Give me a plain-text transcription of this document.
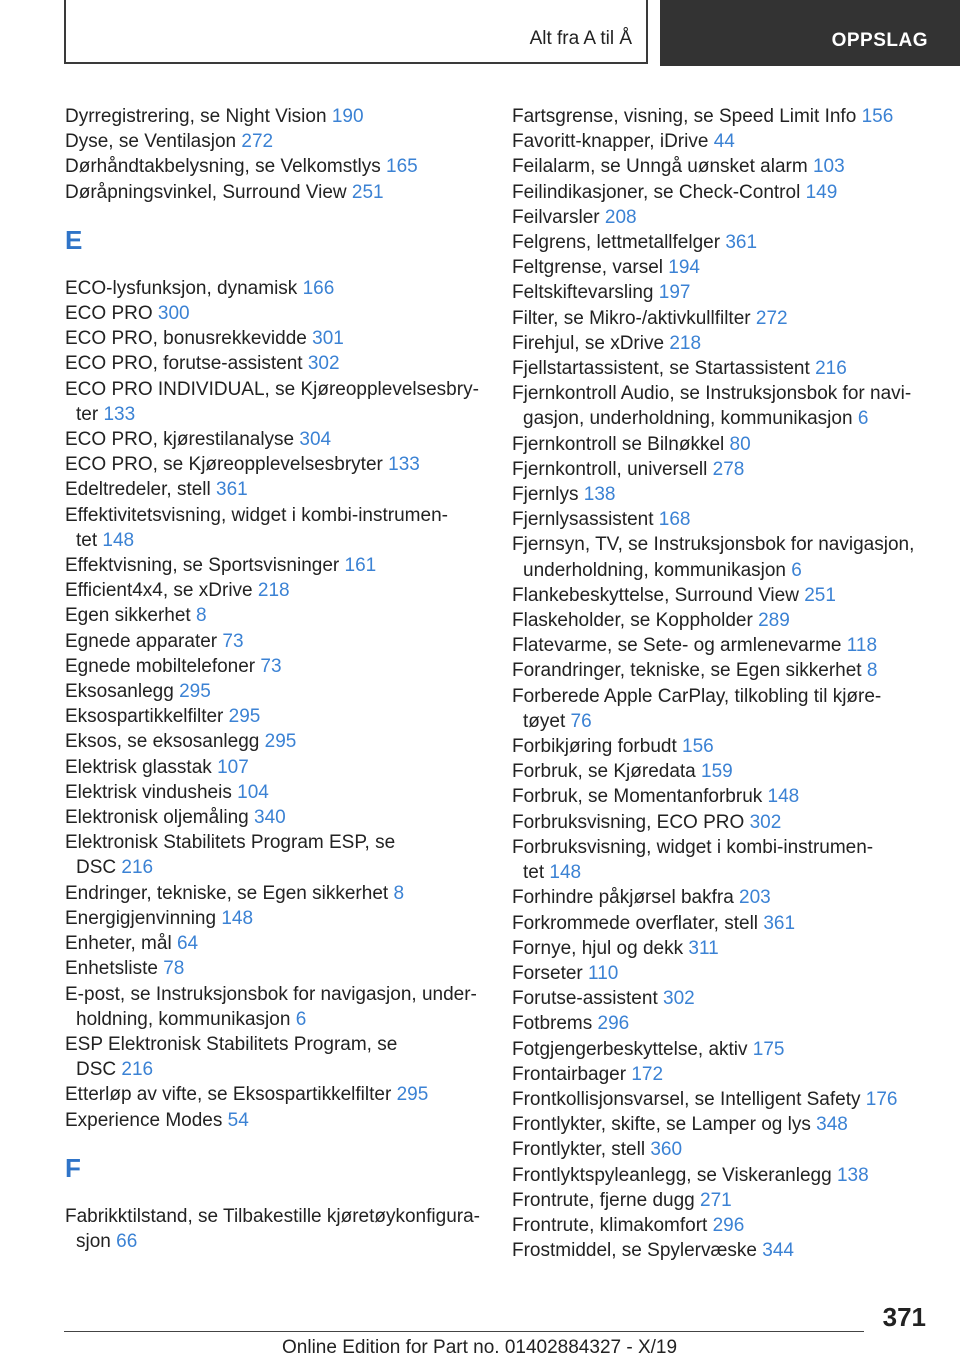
Alt fra A til Å	OPPSLAG

Dyrregistrering, se Night Vision 190

Dyse, se Ventilasjon 272

Dørhåndtakbelysning, se Velkomstlys 165

Døråpningsvinkel, Surround View 251

E

ECO-lysfunksjon, dynamisk 166

ECO PRO 300

ECO PRO, bonusrekkevidde 301

ECO PRO, forutse-assistent 302

ECO PRO INDIVIDUAL, se Kjøreopplevelsesbry-
ter 133

ECO PRO, kjørestilanalyse 304

ECO PRO, se Kjøreopplevelsesbryter 133

Edeltredeler, stell 361

Effektivitetsvisning, widget i kombi-instrumen-
tet 148

Effektvisning, se Sportsvisninger 161

Efficient4x4, se xDrive 218

Egen sikkerhet 8

Egnede apparater 73

Egnede mobiltelefoner 73

Eksosanlegg 295

Eksospartikkelfilter 295

Eksos, se eksosanlegg 295

Elektrisk glasstak 107

Elektrisk vindusheis 104

Elektronisk oljemåling 340

Elektronisk Stabilitets Program ESP, se
DSC 216

Endringer, tekniske, se Egen sikkerhet 8

Energigjenvinning 148

Enheter, mål 64

Enhetsliste 78

E-post, se Instruksjonsbok for navigasjon, under-
holdning, kommunikasjon 6

ESP Elektronisk Stabilitets Program, se
DSC 216

Etterløp av vifte, se Eksospartikkelfilter 295

Experience Modes 54

F

Fabrikktilstand, se Tilbakestille kjøretøykonfigura-
sjon 66

Fartsgrense, visning, se Speed Limit Info 156

Favoritt-knapper, iDrive 44

Feilalarm, se Unngå uønsket alarm 103

Feilindikasjoner, se Check-Control 149

Feilvarsler 208

Felgrens, lettmetallfelger 361

Feltgrense, varsel 194

Feltskiftevarsling 197

Filter, se Mikro-/aktivkullfilter 272

Firehjul, se xDrive 218

Fjellstartassistent, se Startassistent 216

Fjernkontroll Audio, se Instruksjonsbok for navi-
gasjon, underholdning, kommunikasjon 6

Fjernkontroll se Bilnøkkel 80

Fjernkontroll, universell 278

Fjernlys 138

Fjernlysassistent 168

Fjernsyn, TV, se Instruksjonsbok for navigasjon,
underholdning, kommunikasjon 6

Flankebeskyttelse, Surround View 251

Flaskeholder, se Koppholder 289

Flatevarme, se Sete- og armlenevarme 118

Forandringer, tekniske, se Egen sikkerhet 8

Forberede Apple CarPlay, tilkobling til kjøre-
tøyet 76

Forbikjøring forbudt 156

Forbruk, se Kjøredata 159

Forbruk, se Momentanforbruk 148

Forbruksvisning, ECO PRO 302

Forbruksvisning, widget i kombi-instrumen-
tet 148

Forhindre påkjørsel bakfra 203

Forkrommede overflater, stell 361

Fornye, hjul og dekk 311

Forseter 110

Forutse-assistent 302

Fotbrems 296

Fotgjengerbeskyttelse, aktiv 175

Frontairbager 172

Frontkollisjonsvarsel, se Intelligent Safety 176

Frontlykter, skifte, se Lamper og lys 348

Frontlykter, stell 360

Frontlyktspyleanlegg, se Viskeranlegg 138

Frontrute, fjerne dugg 271

Frontrute, klimakomfort 296

Frostmiddel, se Spylervæske 344

371
Online Edition for Part no. 01402884327 - X/19
